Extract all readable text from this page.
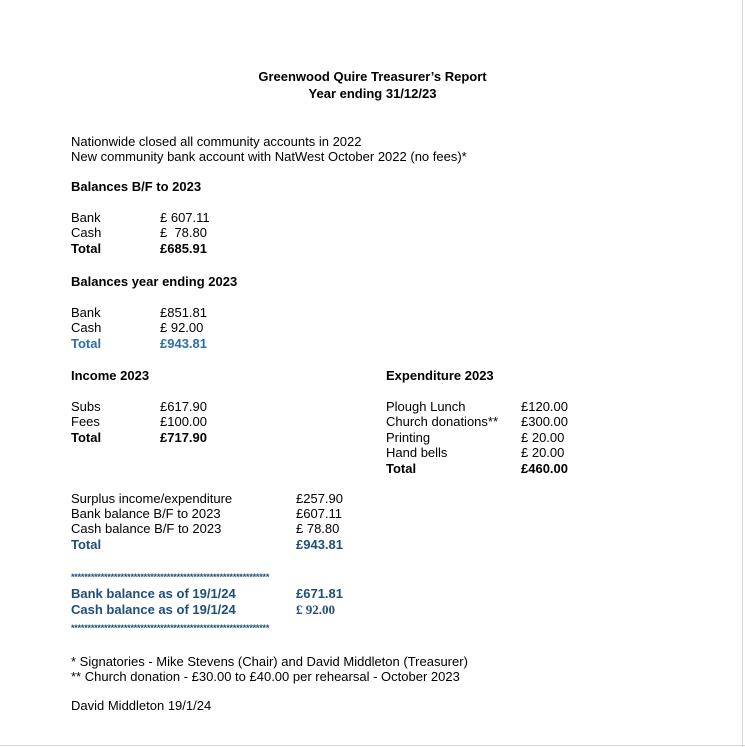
Greenwood Quire Treasurer’s Report
Year ending 31/12/23
Nationwide closed all community accounts in 2022
New community bank account with NatWest October 2022 (no fees)*
Balances B/F to 2023
Bank	£ 607.11
Cash	£  78.80
Total	£685.91
Balances year ending 2023
Bank	£851.81
Cash	£ 92.00
Total	£943.81
Income 2023
Subs	£617.90
Fees	£100.00
Total	£717.90
Expenditure 2023
Plough Lunch	£120.00
Church donations** £300.00
Printing	£ 20.00
Hand bells	£ 20.00
Total	£460.00
Surplus income/expenditure	£257.90
Bank balance B/F to 2023	£607.11
Cash balance B/F to 2023	£ 78.80
Total	£943.81
************************************************************
Bank balance as of 19/1/24	£671.81
Cash balance as of 19/1/24	£ 92.00
************************************************************
* Signatories - Mike Stevens (Chair) and David Middleton (Treasurer)
** Church donation - £30.00 to £40.00 per rehearsal - October 2023
David Middleton 19/1/24
